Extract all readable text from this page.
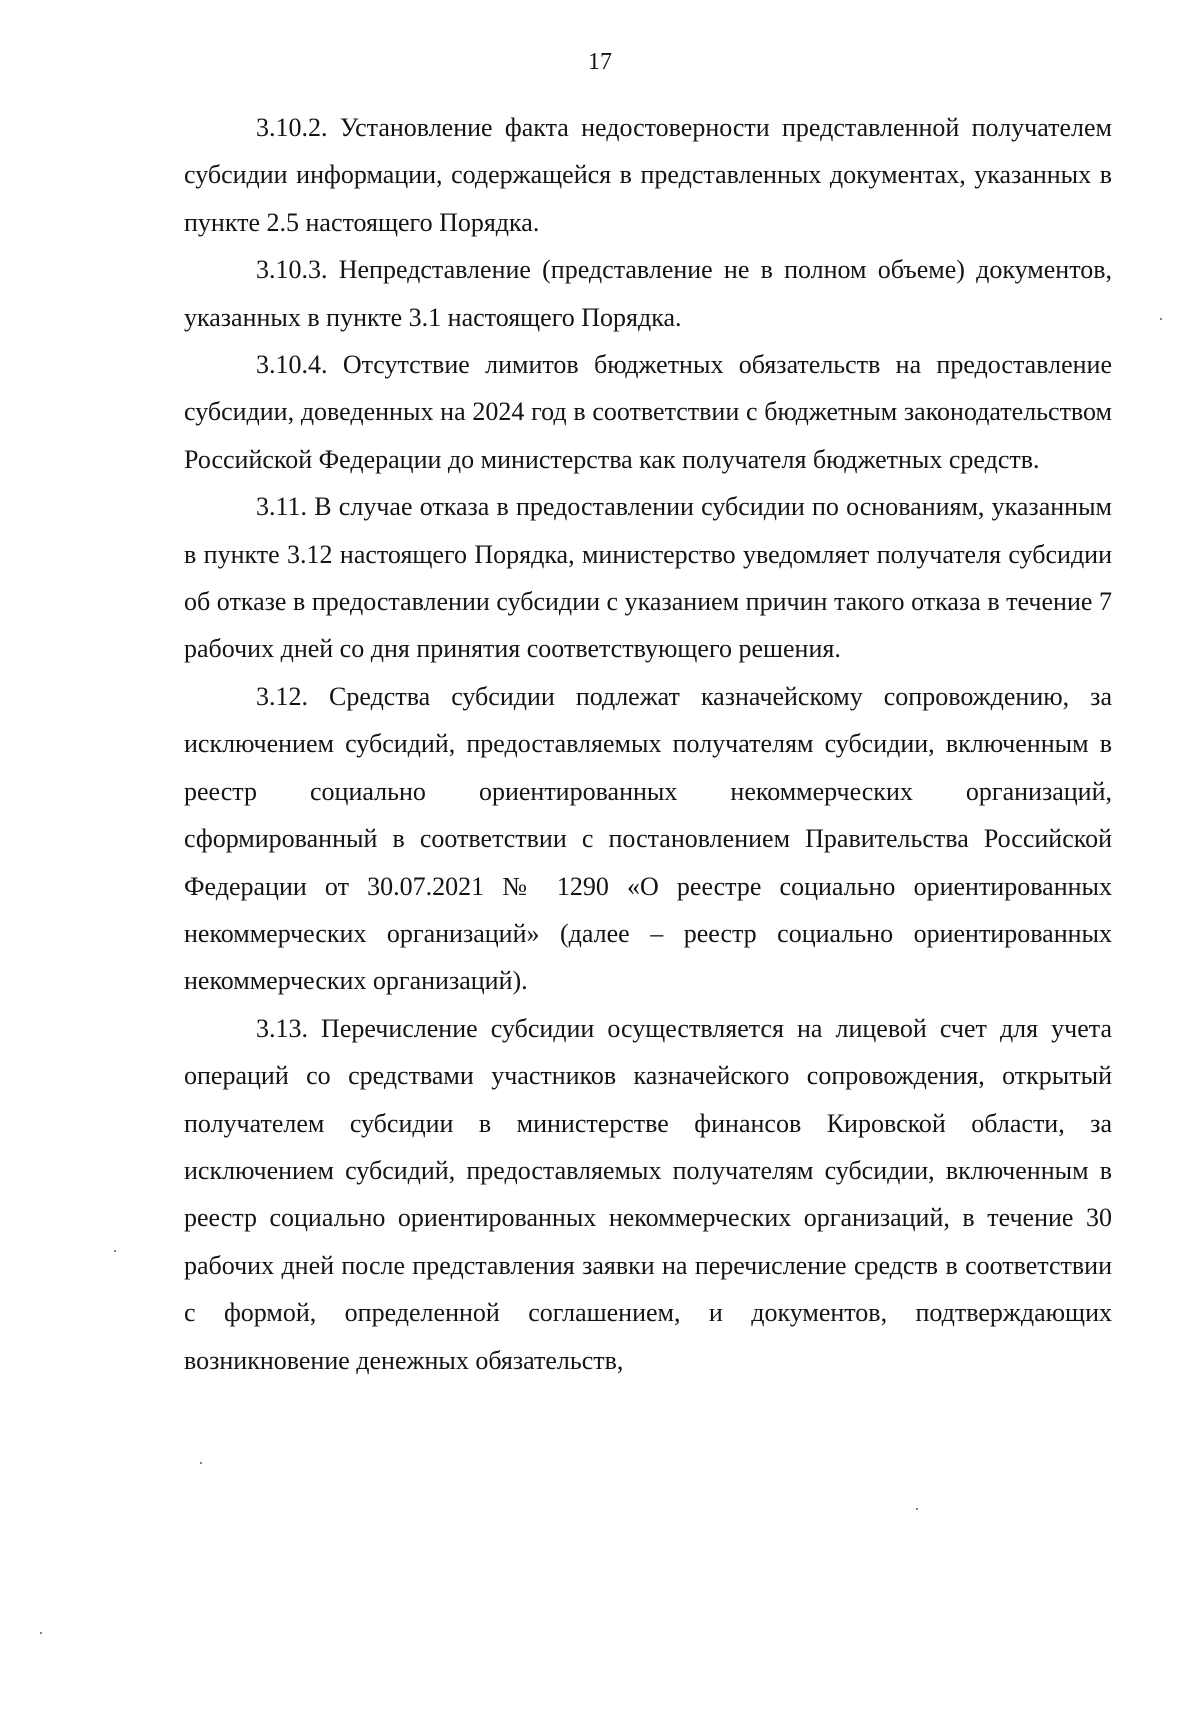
17

3.10.2. Установление факта недостоверности представленной получателем субсидии информации, содержащейся в представленных документах, указанных в пункте 2.5 настоящего Порядка.

3.10.3. Непредставление (представление не в полном объеме) документов, указанных в пункте 3.1 настоящего Порядка.

3.10.4. Отсутствие лимитов бюджетных обязательств на предоставление субсидии, доведенных на 2024 год в соответствии с бюджетным законодательством Российской Федерации до министерства как получателя бюджетных средств.

3.11. В случае отказа в предоставлении субсидии по основаниям, указанным в пункте 3.12 настоящего Порядка, министерство уведомляет получателя субсидии об отказе в предоставлении субсидии с указанием причин такого отказа в течение 7 рабочих дней со дня принятия соответствующего решения.

3.12. Средства субсидии подлежат казначейскому сопровождению, за исключением субсидий, предоставляемых получателям субсидии, включенным в реестр социально ориентированных некоммерческих организаций, сформированный в соответствии с постановлением Правительства Российской Федерации от 30.07.2021 № 1290 «О реестре социально ориентированных некоммерческих организаций» (далее – реестр социально ориентированных некоммерческих организаций).

3.13. Перечисление субсидии осуществляется на лицевой счет для учета операций со средствами участников казначейского сопровождения, открытый получателем субсидии в министерстве финансов Кировской области, за исключением субсидий, предоставляемых получателям субсидии, включенным в реестр социально ориентированных некоммерческих организаций, в течение 30 рабочих дней после представления заявки на перечисление средств в соответствии с формой, определенной соглашением, и документов, подтверждающих возникновение денежных обязательств,
